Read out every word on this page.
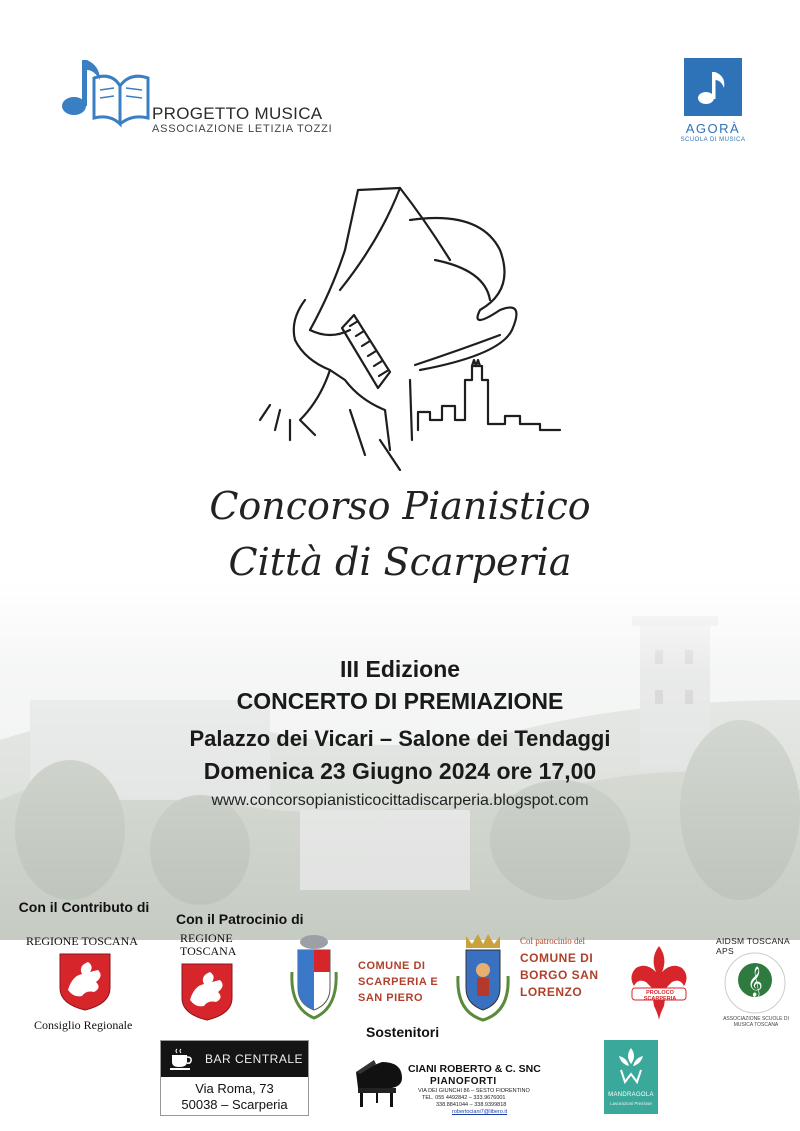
PROGETTO MUSICA
ASSOCIAZIONE LETIZIA TOZZI	AGORÀ
SCUOLA DI MUSICA
Concorso Pianistico
Città di Scarperia
III Edizione
CONCERTO DI PREMIAZIONE
Palazzo dei Vicari – Salone dei Tendaggi
Domenica 23 Giugno 2024 ore 17,00
www.concorsopianisticocittadiscarperia.blogspot.com
Con il Contributo di
REGIONE TOSCANA
Consiglio Regionale
Con il Patrocinio di
REGIONE TOSCANA
COMUNE DI SCARPERIA E SAN PIERO
Col patrocinio del
COMUNE DI BORGO SAN LORENZO	PROLOCO SCARPERIA
AIDSM TOSCANA APS
𝄞
ASSOCIAZIONE SCUOLE DI MUSICA TOSCANA
Sostenitori
BAR CENTRALE
Via Roma, 73
50038 – Scarperia
CIANI ROBERTO & C. SNC
PIANOFORTI
VIA DEI GIUNCHI 86 – SESTO FIORENTINO
TEL. 055 4492842 – 333.9676001
338.8841044 – 338.9399818
robertociani7@libero.it
MANDRAGOLA
Lavorazioni Preziose
